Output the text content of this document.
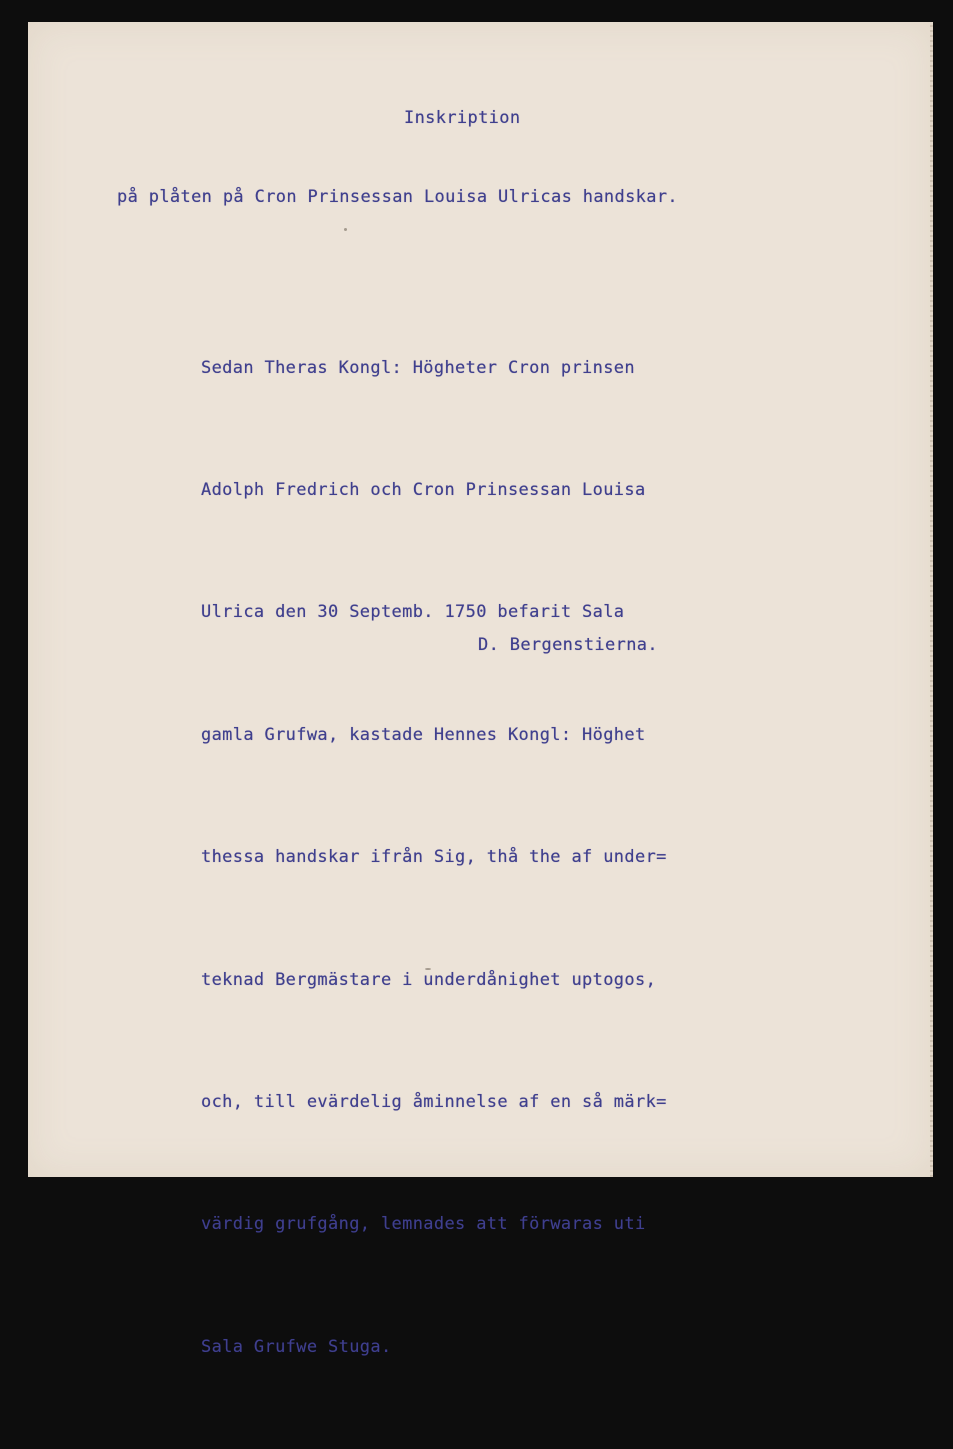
Inskription

på plåten på Cron Prinsessan Louisa Ulricas handskar.

Sedan Theras Kongl: Högheter Cron prinsen

Adolph Fredrich och Cron Prinsessan Louisa

Ulrica den 30 Septemb. 1750 befarit Sala

gamla Grufwa, kastade Hennes Kongl: Höghet

thessa handskar ifrån Sig, thå the af under=

teknad Bergmästare i underdånighet uptogos,

och, till evärdelig åminnelse af en så märk=

värdig grufgång, lemnades att förwaras uti

Sala Grufwe Stuga.

D. Bergenstierna.
